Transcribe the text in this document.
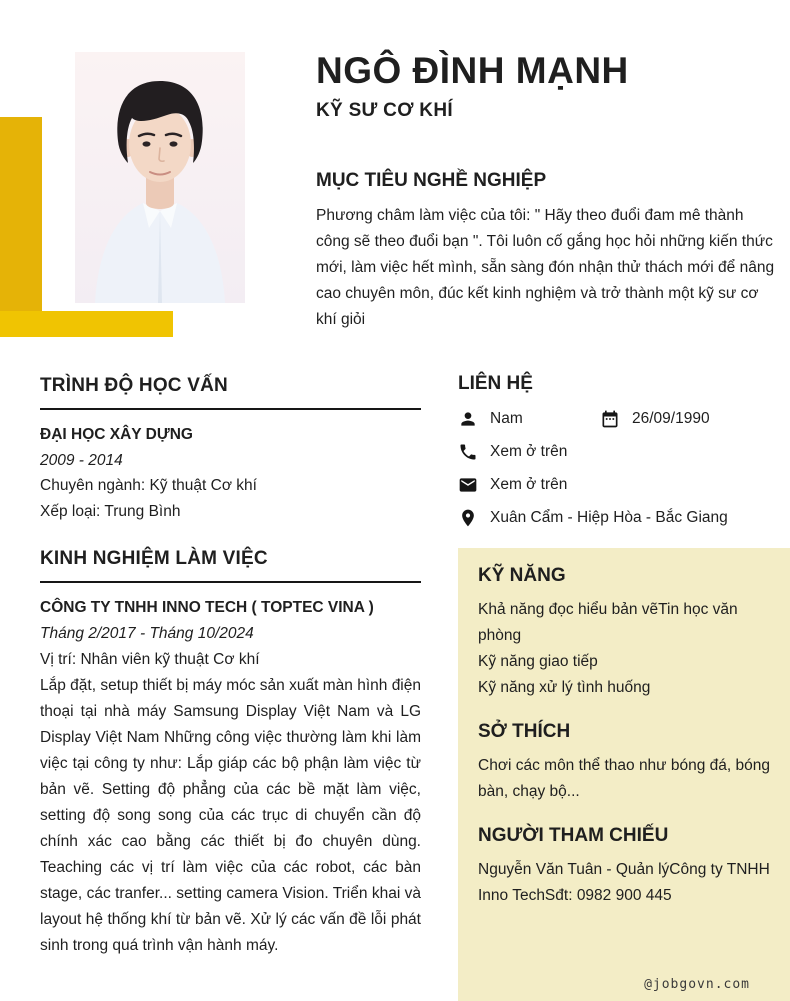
NGÔ ĐÌNH MẠNH
KỸ SƯ CƠ KHÍ
MỤC TIÊU NGHỀ NGHIỆP

Phương châm làm việc của tôi: " Hãy theo đuổi đam mê thành công sẽ theo đuổi bạn ". Tôi luôn cố gắng học hỏi những kiến thức mới, làm việc hết mình, sẵn sàng đón nhận thử thách mới để nâng cao chuyên môn, đúc kết kinh nghiệm và trở thành một kỹ sư cơ khí giỏi

TRÌNH ĐỘ HỌC VẤN
ĐẠI HỌC XÂY DỰNG
2009 - 2014
Chuyên ngành: Kỹ thuật Cơ khí
Xếp loại: Trung Bình
KINH NGHIỆM LÀM VIỆC
CÔNG TY TNHH INNO TECH ( TOPTEC VINA )
Tháng 2/2017 - Tháng 10/2024
Vị trí: Nhân viên kỹ thuật Cơ khí
Lắp đặt, setup thiết bị máy móc sản xuất màn hình điện thoại tại nhà máy Samsung Display Việt Nam và LG Display Việt Nam Những công việc thường làm khi làm việc tại công ty như: Lắp giáp các bộ phận làm việc từ bản vẽ. Setting độ phẳng của các bề mặt làm việc, setting độ song song của các trục di chuyển cần độ chính xác cao bằng các thiết bị đo chuyên dùng. Teaching các vị trí làm việc của các robot, các bàn stage, các tranfer... setting camera Vision. Triển khai và layout hệ thống khí từ bản vẽ. Xử lý các vấn đề lỗi phát sinh trong quá trình vận hành máy.
LIÊN HỆ
Nam	26/09/1990
Xem ở trên
Xem ở trên
Xuân Cẩm - Hiệp Hòa - Bắc Giang
KỸ NĂNG
Khả năng đọc hiểu bản vẽTin học văn phòng
Kỹ năng giao tiếp
Kỹ năng xử lý tình huống
SỞ THÍCH
Chơi các môn thể thao như bóng đá, bóng bàn, chạy bộ...
NGƯỜI THAM CHIẾU
Nguyễn Văn Tuân - Quản lýCông ty TNHH Inno TechSđt: 0982 900 445
@jobgovn.com
